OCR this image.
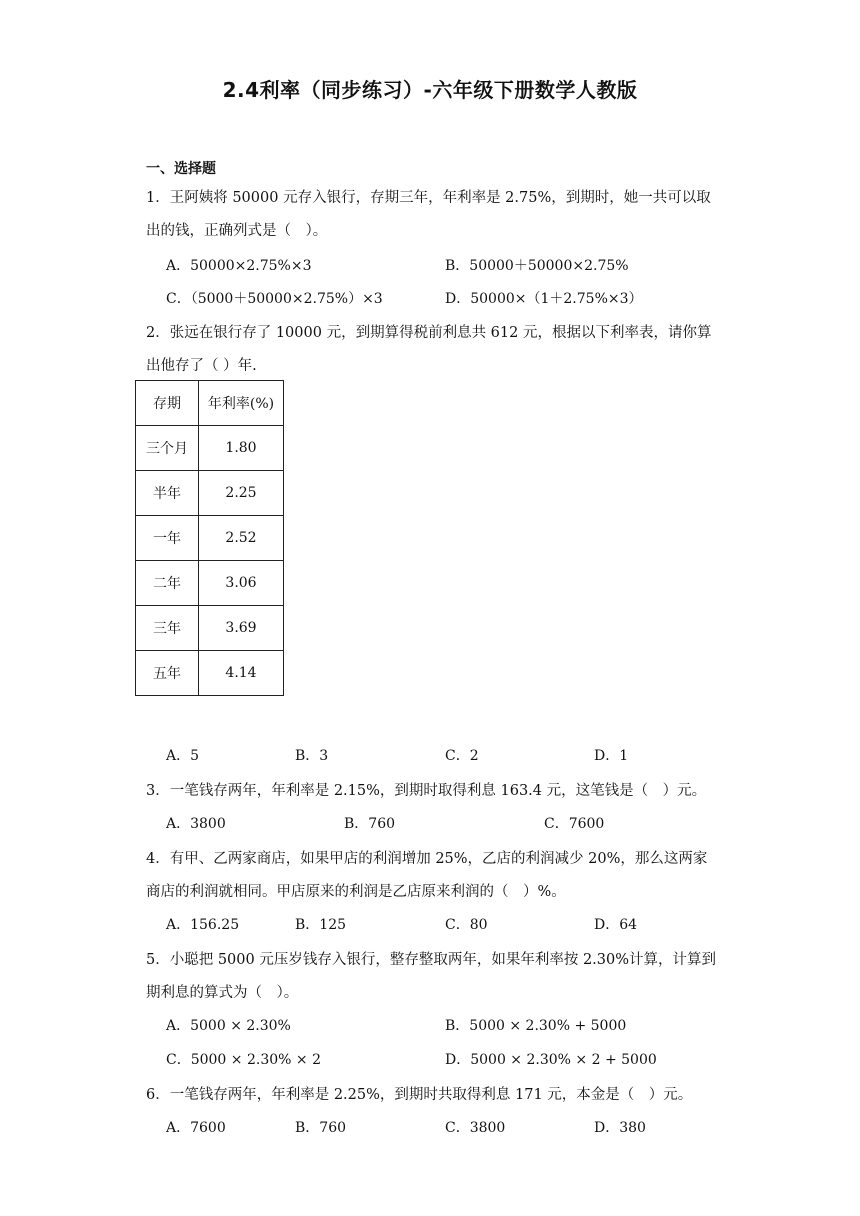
2.4利率（同步练习）-六年级下册数学人教版
一、选择题
1．王阿姨将 50000 元存入银行，存期三年，年利率是 2.75%，到期时，她一共可以取
出的钱，正确列式是（　）。
A．50000×2.75%×3	B．50000＋50000×2.75%
C．（5000＋50000×2.75%）×3	D．50000×（1＋2.75%×3）
2．张远在银行存了 10000 元，到期算得税前利息共 612 元，根据以下利率表，请你算
出他存了（ ）年.
存期	年利率(%)
三个月	1.80
半年	2.25
一年	2.52
二年	3.06
三年	3.69
五年	4.14
A．5	B．3	C．2	D．1
3．一笔钱存两年，年利率是 2.15%，到期时取得利息 163.4 元，这笔钱是（　）元。
A．3800	B．760	C．7600
4．有甲、乙两家商店，如果甲店的利润增加 25%，乙店的利润减少 20%，那么这两家
商店的利润就相同。甲店原来的利润是乙店原来利润的（　）%。
A．156.25	B．125	C．80	D．64
5．小聪把 5000 元压岁钱存入银行，整存整取两年，如果年利率按 2.30%计算，计算到
期利息的算式为（　）。
A．5000 × 2.30%	B．5000 × 2.30% + 5000
C．5000 × 2.30% × 2	D．5000 × 2.30% × 2 + 5000
6．一笔钱存两年，年利率是 2.25%，到期时共取得利息 171 元，本金是（　）元。
A．7600	B．760	C．3800	D．380
